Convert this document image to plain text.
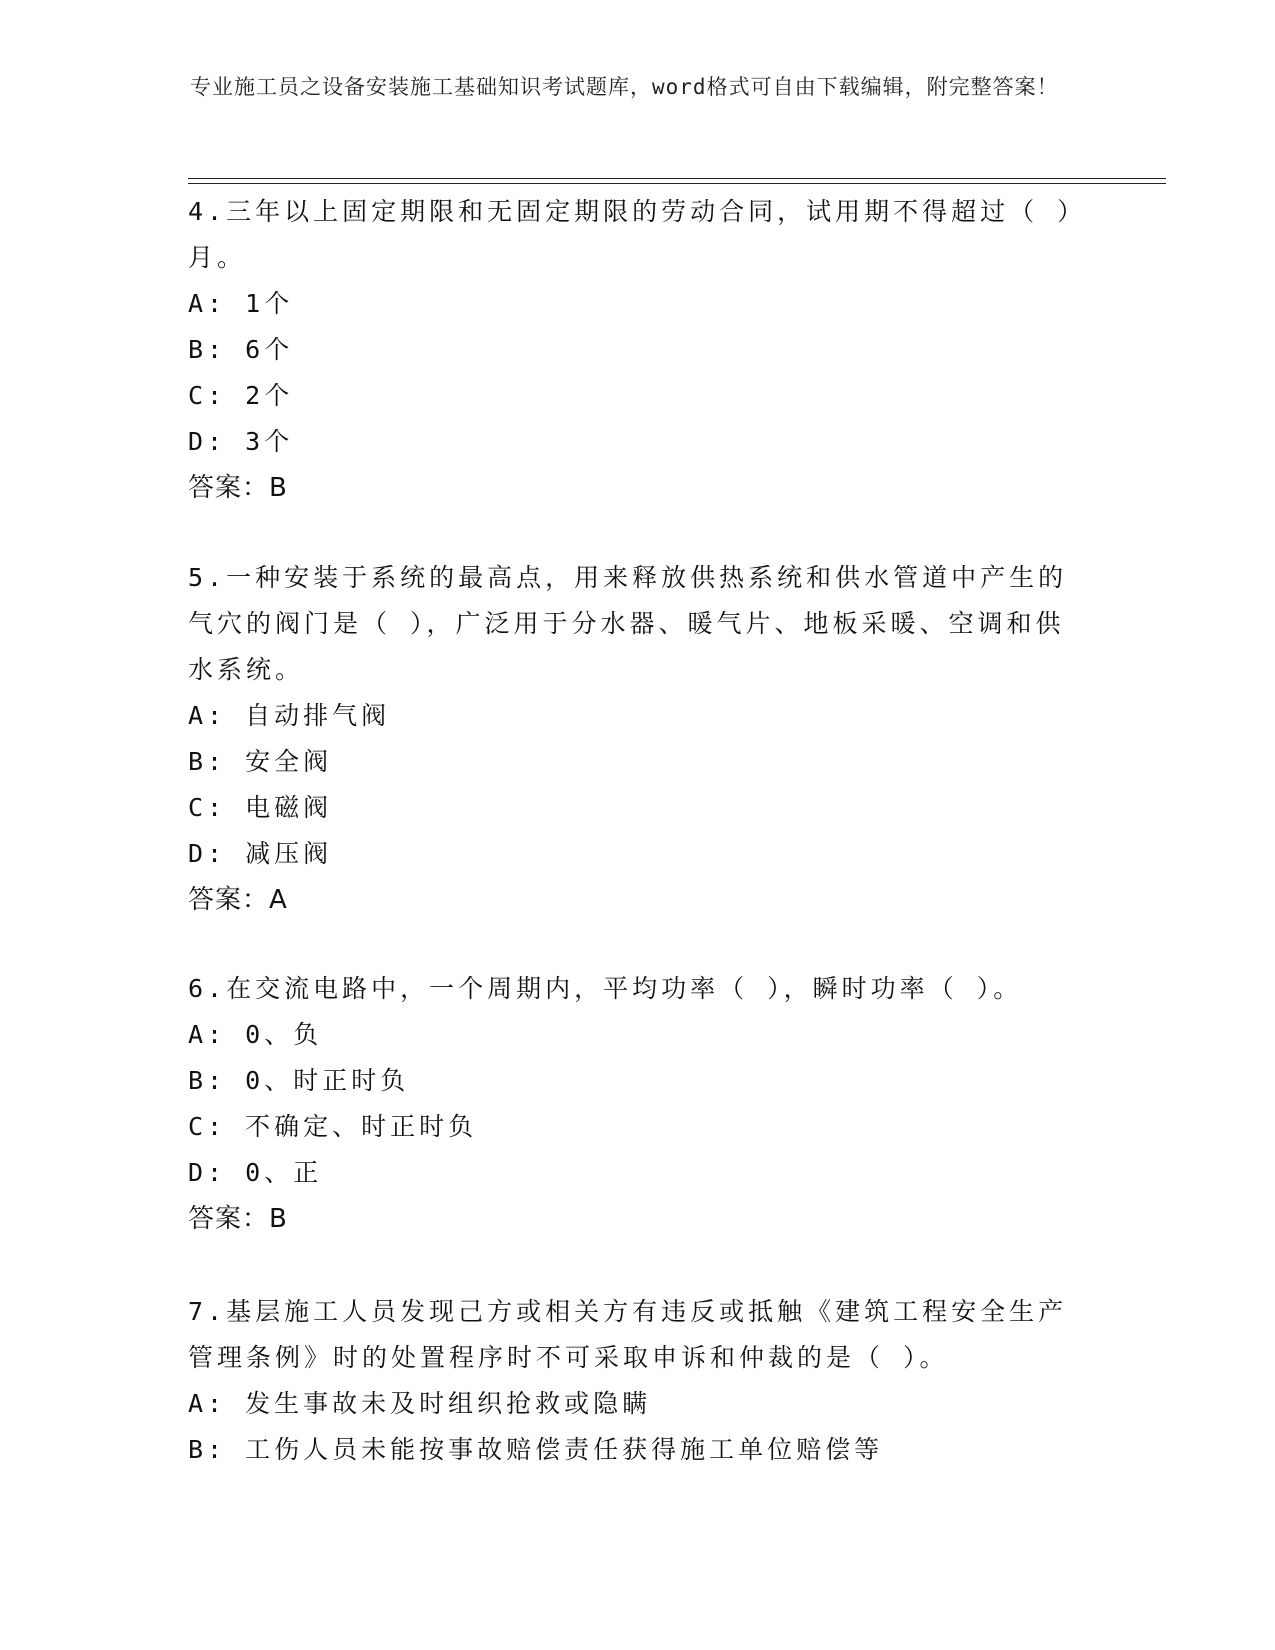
专业施工员之设备安装施工基础知识考试题库，word格式可自由下载编辑，附完整答案！

4.三年以上固定期限和无固定期限的劳动合同，试用期不得超过（ ）月。

A: 1个

B: 6个

C: 2个

D: 3个

答案：B

5.一种安装于系统的最高点，用来释放供热系统和供水管道中产生的气穴的阀门是（ ），广泛用于分水器、暖气片、地板采暖、空调和供水系统。

A: 自动排气阀

B: 安全阀

C: 电磁阀

D: 减压阀

答案：A

6.在交流电路中，一个周期内，平均功率（ ），瞬时功率（ ）。

A: 0、负

B: 0、时正时负

C: 不确定、时正时负

D: 0、正

答案：B

7.基层施工人员发现己方或相关方有违反或抵触《建筑工程安全生产管理条例》时的处置程序时不可采取申诉和仲裁的是（ ）。

A: 发生事故未及时组织抢救或隐瞒

B: 工伤人员未能按事故赔偿责任获得施工单位赔偿等
